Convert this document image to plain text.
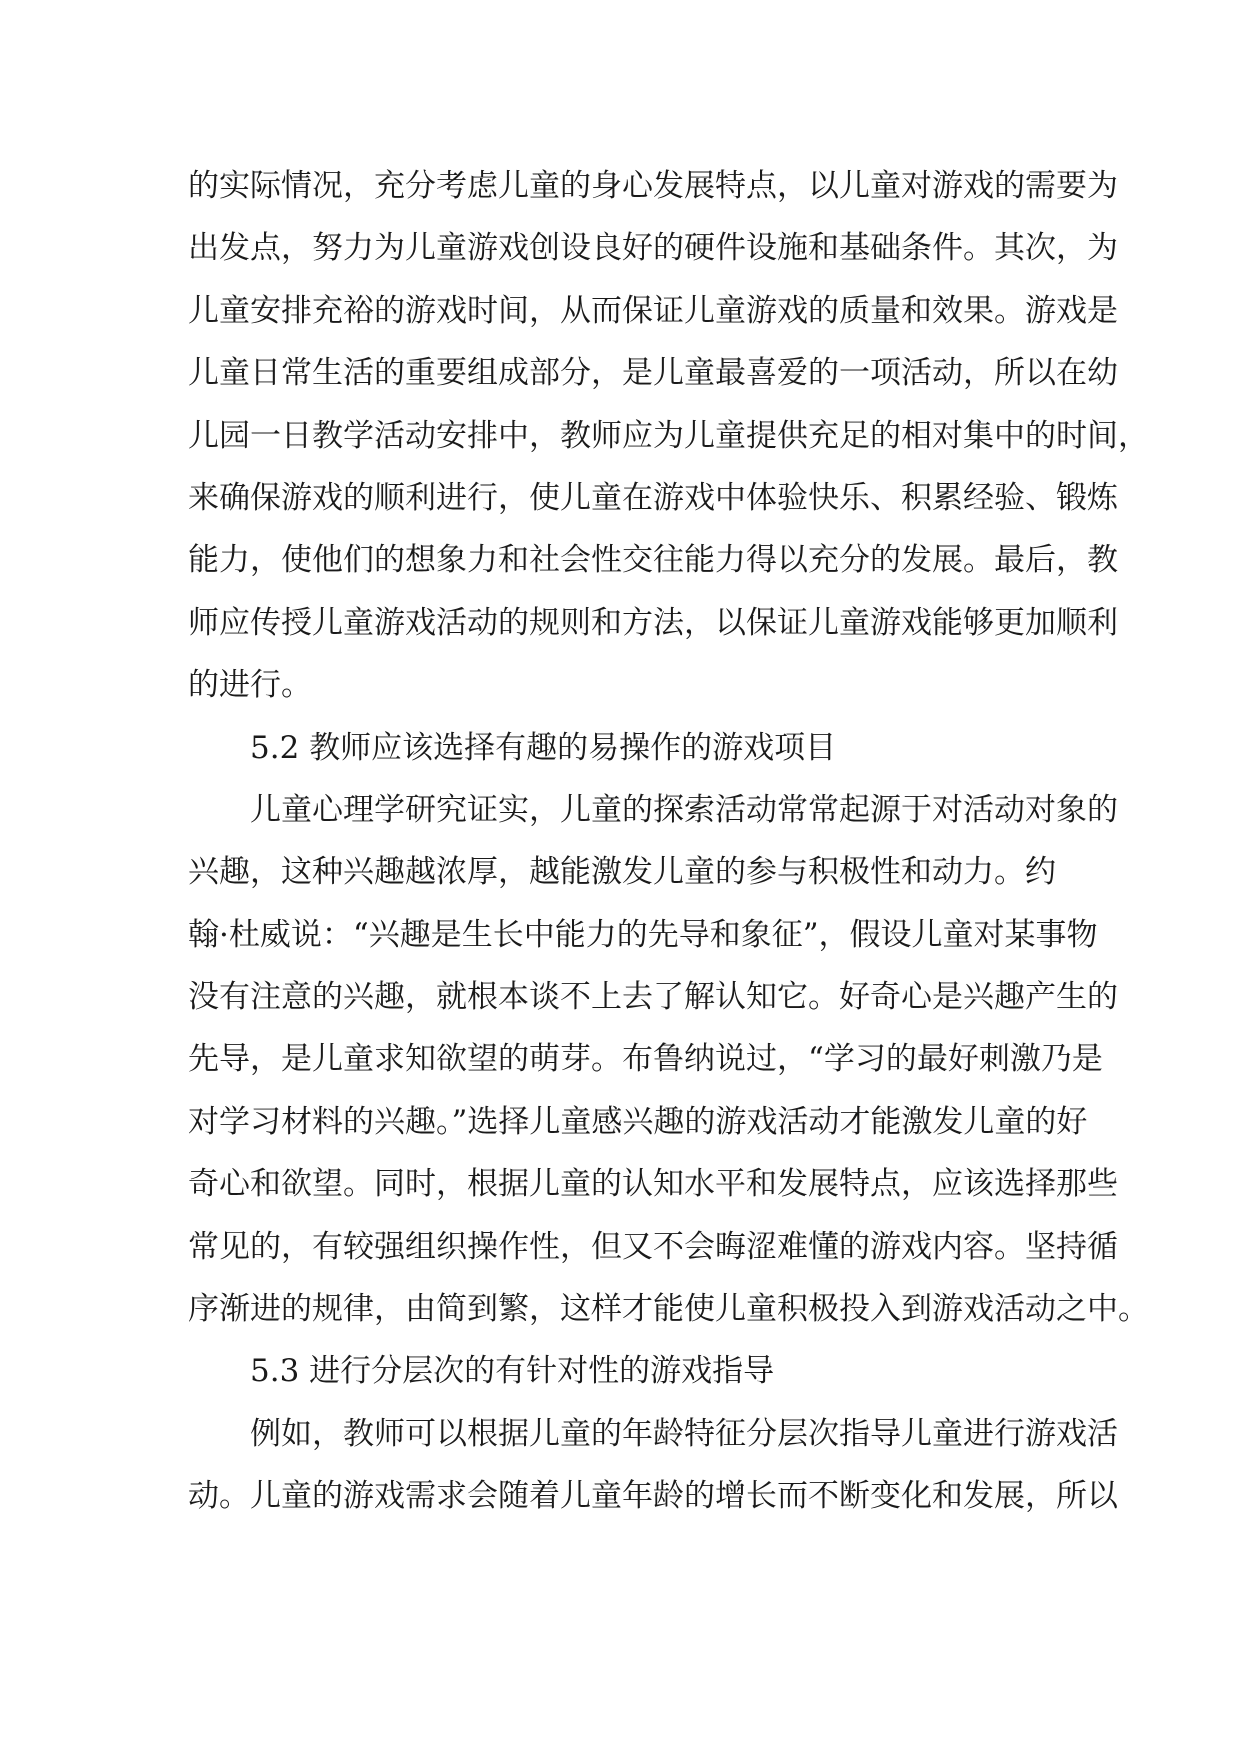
的实际情况，充分考虑儿童的身心发展特点，以儿童对游戏的需要为
出发点，努力为儿童游戏创设良好的硬件设施和基础条件。其次，为
儿童安排充裕的游戏时间，从而保证儿童游戏的质量和效果。游戏是
儿童日常生活的重要组成部分，是儿童最喜爱的一项活动，所以在幼
儿园一日教学活动安排中，教师应为儿童提供充足的相对集中的时间，
来确保游戏的顺利进行，使儿童在游戏中体验快乐、积累经验、锻炼
能力，使他们的想象力和社会性交往能力得以充分的发展。最后，教
师应传授儿童游戏活动的规则和方法，以保证儿童游戏能够更加顺利
的进行。

5.2 教师应该选择有趣的易操作的游戏项目

儿童心理学研究证实，儿童的探索活动常常起源于对活动对象的
兴趣，这种兴趣越浓厚，越能激发儿童的参与积极性和动力。约
翰·杜威说：“兴趣是生长中能力的先导和象征”，假设儿童对某事物
没有注意的兴趣，就根本谈不上去了解认知它。好奇心是兴趣产生的
先导，是儿童求知欲望的萌芽。布鲁纳说过，“学习的最好刺激乃是
对学习材料的兴趣。”选择儿童感兴趣的游戏活动才能激发儿童的好
奇心和欲望。同时，根据儿童的认知水平和发展特点，应该选择那些
常见的，有较强组织操作性，但又不会晦涩难懂的游戏内容。坚持循
序渐进的规律，由简到繁，这样才能使儿童积极投入到游戏活动之中。

5.3 进行分层次的有针对性的游戏指导

例如，教师可以根据儿童的年龄特征分层次指导儿童进行游戏活
动。儿童的游戏需求会随着儿童年龄的增长而不断变化和发展，所以
